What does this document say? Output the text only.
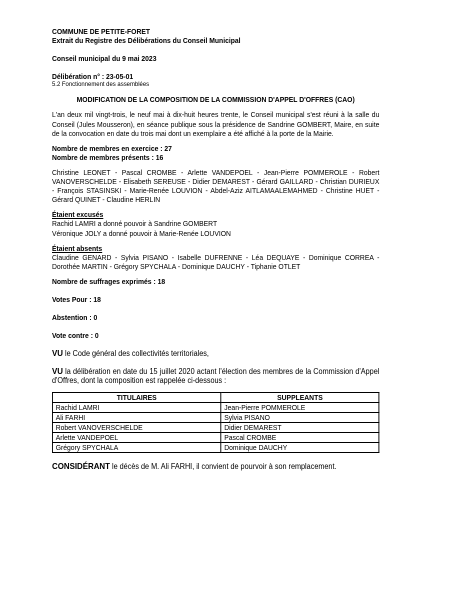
COMMUNE DE PETITE-FORET
Extrait du Registre des Délibérations du Conseil Municipal
Conseil municipal du 9 mai 2023
Délibération n° : 23-05-01
5.2 Fonctionnement des assemblées
MODIFICATION DE LA COMPOSITION DE LA COMMISSION D'APPEL D'OFFRES (CAO)

L'an deux mil vingt-trois, le neuf mai à dix-huit heures trente, le Conseil municipal s'est réuni à la salle du Conseil (Jules Mousseron), en séance publique sous la présidence de Sandrine GOMBERT, Maire, en suite de la convocation en date du trois mai dont un exemplaire a été affiché à la porte de la Mairie.

Nombre de membres en exercice : 27
Nombre de membres présents : 16

Christine LEONET - Pascal CROMBE - Arlette VANDEPOEL - Jean-Pierre POMMEROLE - Robert VANOVERSCHELDE - Elisabeth SEREUSE - Didier DEMAREST - Gérard GAILLARD - Christian DURIEUX - François STASINSKI - Marie-Renée LOUVION - Abdel-Aziz AITLAMAALEMAHMED - Christine HUET - Gérard QUINET - Claudine HERLIN

Étaient excusés
Rachid LAMRI a donné pouvoir à Sandrine GOMBERT
Véronique JOLY a donné pouvoir à Marie-Renée LOUVION
Étaient absents

Claudine GENARD - Sylvia PISANO - Isabelle DUFRENNE - Léa DEQUAYE - Dominique CORREA - Dorothée MARTIN - Grégory SPYCHALA - Dominique DAUCHY - Tiphanie OTLET

Nombre de suffrages exprimés : 18
Votes Pour : 18
Abstention : 0
Vote contre : 0
VU le Code général des collectivités territoriales,

VU la délibération en date du 15 juillet 2020 actant l'élection des membres de la Commission d'Appel d'Offres, dont la composition est rappelée ci-dessous :

TITULAIRES	SUPPLEANTS
Rachid LAMRI	Jean-Pierre POMMEROLE
Ali FARHI	Sylvia PISANO
Robert VANOVERSCHELDE	Didier DEMAREST
Arlette VANDEPOEL	Pascal CROMBE
Grégory SPYCHALA	Dominique DAUCHY
CONSIDÉRANT le décès de M. Ali FARHI, il convient de pourvoir à son remplacement.
